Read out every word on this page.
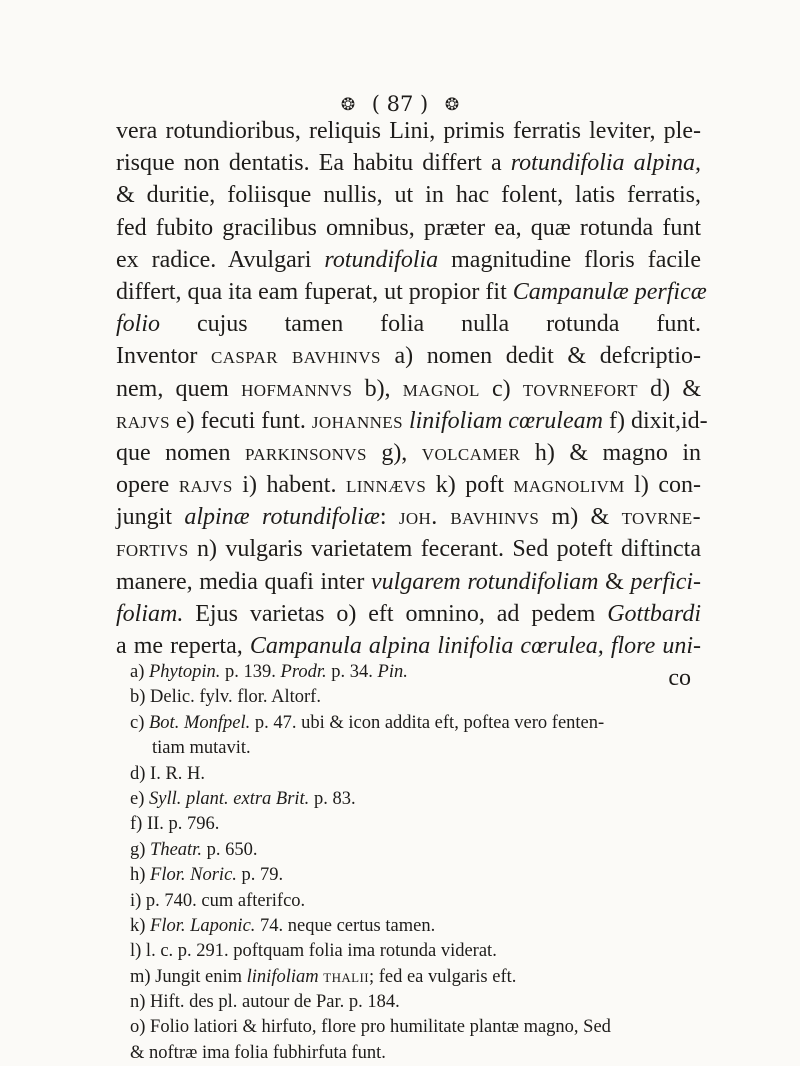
❂ ( 87 ) ❂
vera rotundioribus, reliquis Lini, primis ferratis leviter, ple-
risque non dentatis. Ea habitu differt a rotundifolia alpina,
& duritie, foliisque nullis, ut in hac folent, latis ferratis,
fed fubito gracilibus omnibus, præter ea, quæ rotunda funt
ex radice. Avulgari rotundifolia magnitudine floris facile
differt, qua ita eam fuperat, ut propior fit Campanulæ perficæ
folio cujus tamen folia nulla rotunda funt.
Inventor caspar bavhinvs a) nomen dedit & defcriptio-
nem, quem hofmannvs b), magnol c) tovrnefort d) &
rajvs e) fecuti funt. johannes linifoliam cœruleam f) dixit,id-
que nomen parkinsonvs g), volcamer h) & magno in
opere rajvs i) habent. linnævs k) poft magnolivm l) con-
jungit alpinæ rotundifoliæ: joh. bavhinvs m) & tovrne-
fortivs n) vulgaris varietatem fecerant. Sed poteft diftincta
manere, media quafi inter vulgarem rotundifoliam & perfici-
foliam. Ejus varietas o) eft omnino, ad pedem Gottbardi
a me reperta, Campanula alpina linifolia cœrulea, flore uni-
co
a) Phytopin. p. 139. Prodr. p. 34. Pin.
b) Delic. fylv. flor. Altorf.
c) Bot. Monfpel. p. 47. ubi & icon addita eft, poftea vero fenten-
tiam mutavit.
d) I. R. H.
e) Syll. plant. extra Brit. p. 83.
f) II. p. 796.
g) Theatr. p. 650.
h) Flor. Noric. p. 79.
i) p. 740. cum afterifco.
k) Flor. Laponic. 74. neque certus tamen.
l) l. c. p. 291. poftquam folia ima rotunda viderat.
m) Jungit enim linifoliam thalii; fed ea vulgaris eft.
n) Hift. des pl. autour de Par. p. 184.
o) Folio latiori & hirfuto, flore pro humilitate plantæ magno, Sed
& noftræ ima folia fubhirfuta funt.
